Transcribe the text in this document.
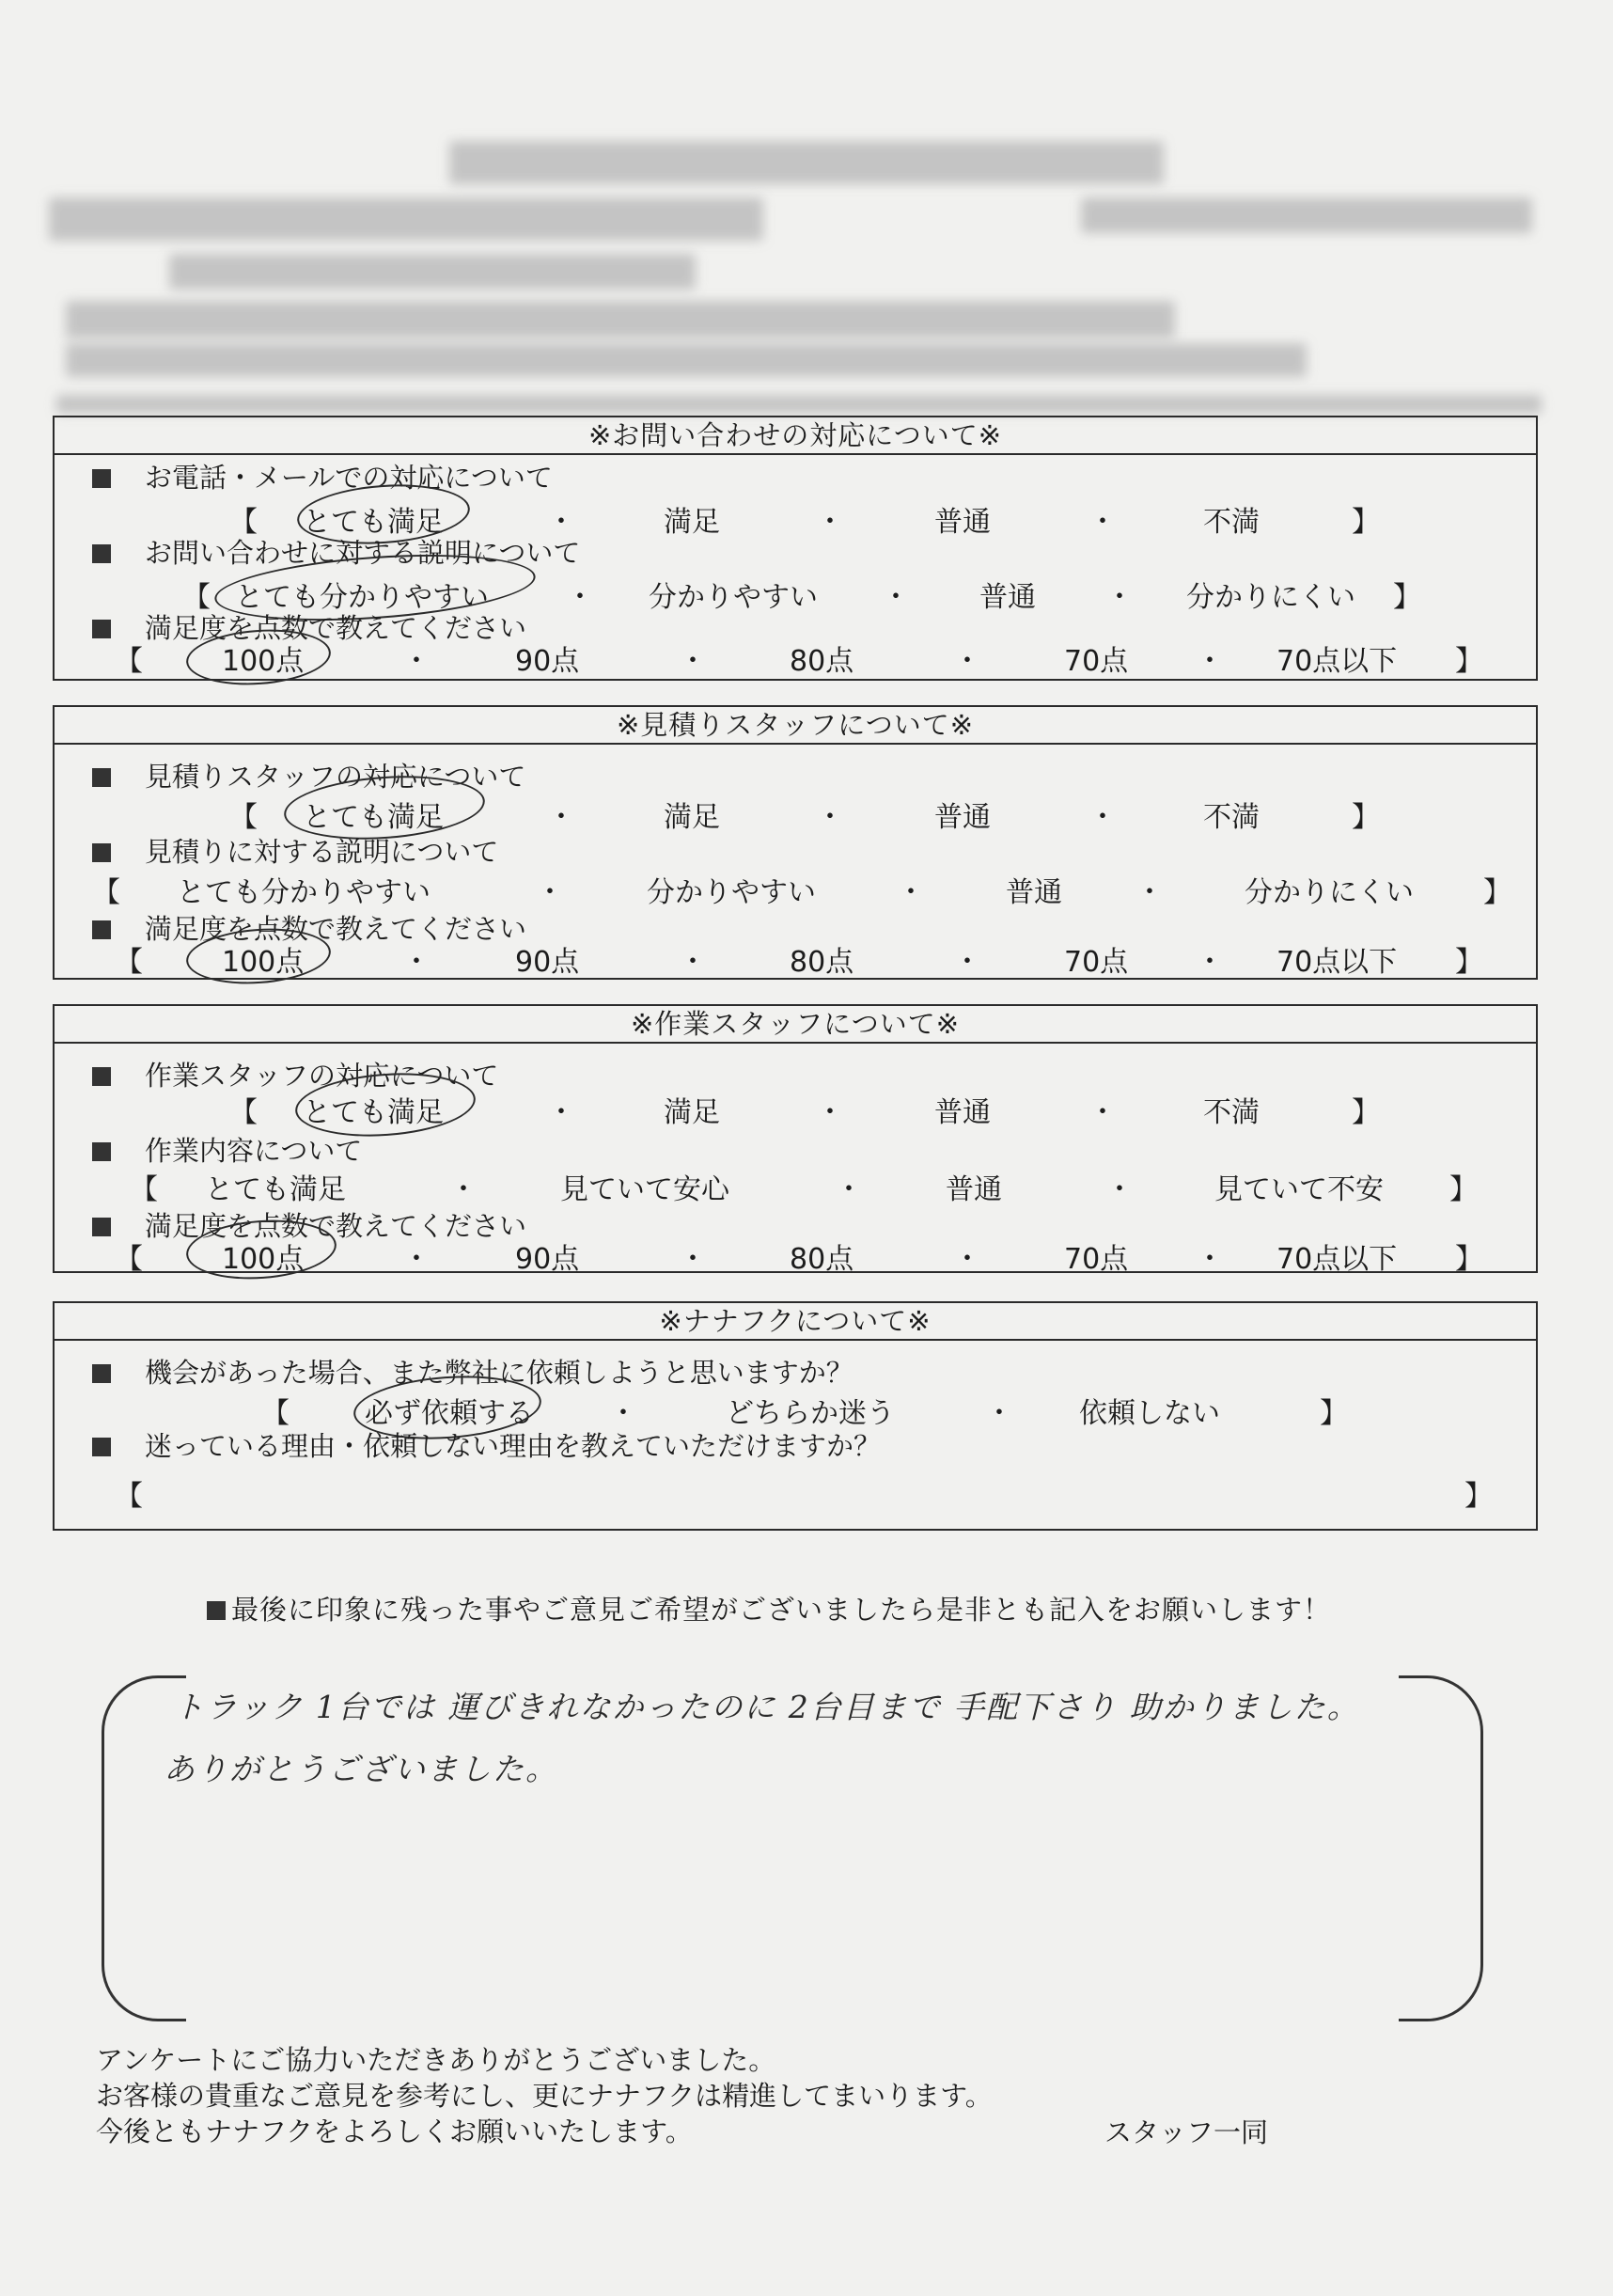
※お問い合わせの対応について※
お電話・メールでの対応について
【 とても満足	・	満足	・	普通	・	不満	】
お問い合わせに対する説明について
【 とても分かりやすい	・ 分かりやすい ・ 普通 ・ 分かりにくい 】
満足度を点数で教えてください
【	100点	・	90点	・	80点	・	70点 ・ 70点以下 】
※見積りスタッフについて※
見積りスタッフの対応について
【 とても満足	・	満足	・	普通	・	不満	】
見積りに対する説明について
【 とても分かりやすい	・	分かりやすい	・	普通	・	分かりにくい 】
満足度を点数で教えてください
【	100点	・	90点	・	80点	・	70点 ・ 70点以下 】
※作業スタッフについて※
作業スタッフの対応について
【 とても満足	・	満足	・	普通	・	不満	】
作業内容について
【 とても満足	・	見ていて安心	・	普通	・	見ていて不安 】
満足度を点数で教えてください
【	100点	・	90点	・	80点	・	70点 ・ 70点以下 】
※ナナフクについて※
機会があった場合、また弊社に依頼しようと思いますか？
【	必ず依頼する	・	どちらか迷う	・ 依頼しない	】
迷っている理由・依頼しない理由を教えていただけますか？
【	】
最後に印象に残った事やご意見ご希望がございましたら是非とも記入をお願いします！
トラック 1台では 運びきれなかったのに 2台目まで 手配下さり 助かりました。
ありがとうございました。
アンケートにご協力いただきありがとうございました。
お客様の貴重なご意見を参考にし、更にナナフクは精進してまいります。
今後ともナナフクをよろしくお願いいたします。	スタッフ一同
